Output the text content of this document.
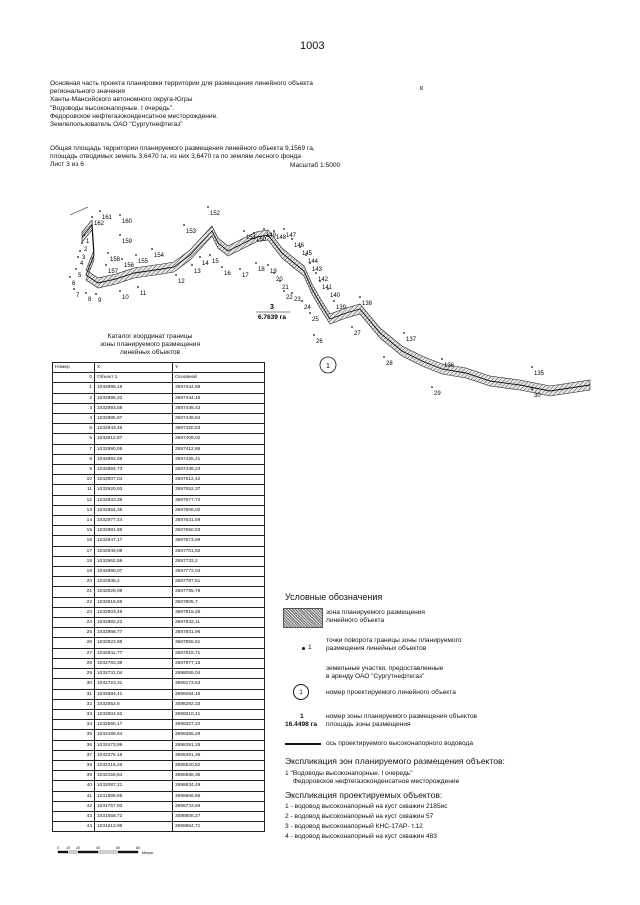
1003
Основная часть проекта планировки территории для размещения линейного объекта
регионального значения
Ханты-Мансийского автономного округа-Югры
"Водоводы высоконапорные. I очередь".
Федоровское нефтегазоконденсатное месторождение.
Землепользователь ОАО "Сургутнефтегаз"
к
Общая площадь территории планируемого размещения линейного объекта 9,1569 га,
площадь отводимых земель 3,6470 га, из них 3,6470 га по землям лесного фонда
Лист 3 из 6	Масштаб 1:5000
1
2
3
4
5
6
7
8 9	10
11
12
13
14 15
16 17
18 19
20
21
22 23
24
25
26
27
28
29	30
135
136
137
138
139
140
141
142
143
144
145
146
147
148
149
150
151
152
153
154
155
156
157
158
159
160
161
162
3
6.7639 га
1
Каталог координат границы
зоны планируемого размещения
линейных объектов
Номер	X	Y
0	Объект 1	Основной
1	1032996,18	3597444,68
2	1032996,32	3597444,45
3	1032993,56	3597448,43
4	1032985,87	3597448,84
5	1032943,46	3597420,53
6	1032912,87	3597409,02
7	1032890,05	3597412,86
8	1032892,66	3597426,41
9	1032894,73	3597438,23
10	1032907,04	3597512,42
11	1032920,93	3597552,37
12	1032933,39	3597577,72
13	1032954,35	3597608,02
14	1032977,44	3597641,59
15	1032981,86	3597650,63
16	1032947,17	3597673,89
17	1032949,08	3597701,92
18	1032962,59	3597733,2
19	1032958,07	3597772,04
20	1032938,4	3597787,51
21	1032928,08	3597795,79
22	1032915,56	3597805,7
23	1032903,49	3597815,25
24	1032882,22	3597832,11
25	1032868,77	3597841,96
26	1032823,98	3597855,51
27	1032841,77	3597915,71
28	1032783,38	3597977,16
29	1032731,04	3598055,04
30	1032723,31	3598173,53
31	1032684,41	3598264,45
32	1032652,8	3598292,33
33	1032604,62	3598310,41
34	1032560,17	3598327,22
35	1032499,64	3598365,28
36	1032473,99	3598391,25
37	1032375,16	3598491,35
38	1032316,26	3598520,82
39	1032159,84	3598598,36
40	1032087,21	3598634,49
41	1031898,85	3598666,85
42	1031767,93	3598743,96
43	1031658,72	3598808,27
44	1031613,96	3598864,71
Условные обозначения
зона планируемого размещения
линейного объекта
1
точки поворота границы зоны планируемого
размещения линейных объектов
земельные участки, предоставленные
в аренду ОАО "Сургутнефтегаз"
1	номер проектируемого линейного объекта
1
16.4498 га
номер зоны планируемого размещения объектов
площадь зоны размещения
ось проектируемого высоконапорного водовода
Экспликация зон планируемого размещения объектов:
1 "Водоводы высоконапорные. I очередь"
Федоровское нефтегазоконденсатное месторождение
Экспликация проектируемых объектов:
1 - водовод высоконапорный на куст скважин 2185ис
2 - водовод высоконапорный на куст скважин 57
3 - водовод высоконапорный КНС-17АР- т.12
4 - водовод высоконапорный на куст скважин 483
0 10 20	40	60	80
Метры
